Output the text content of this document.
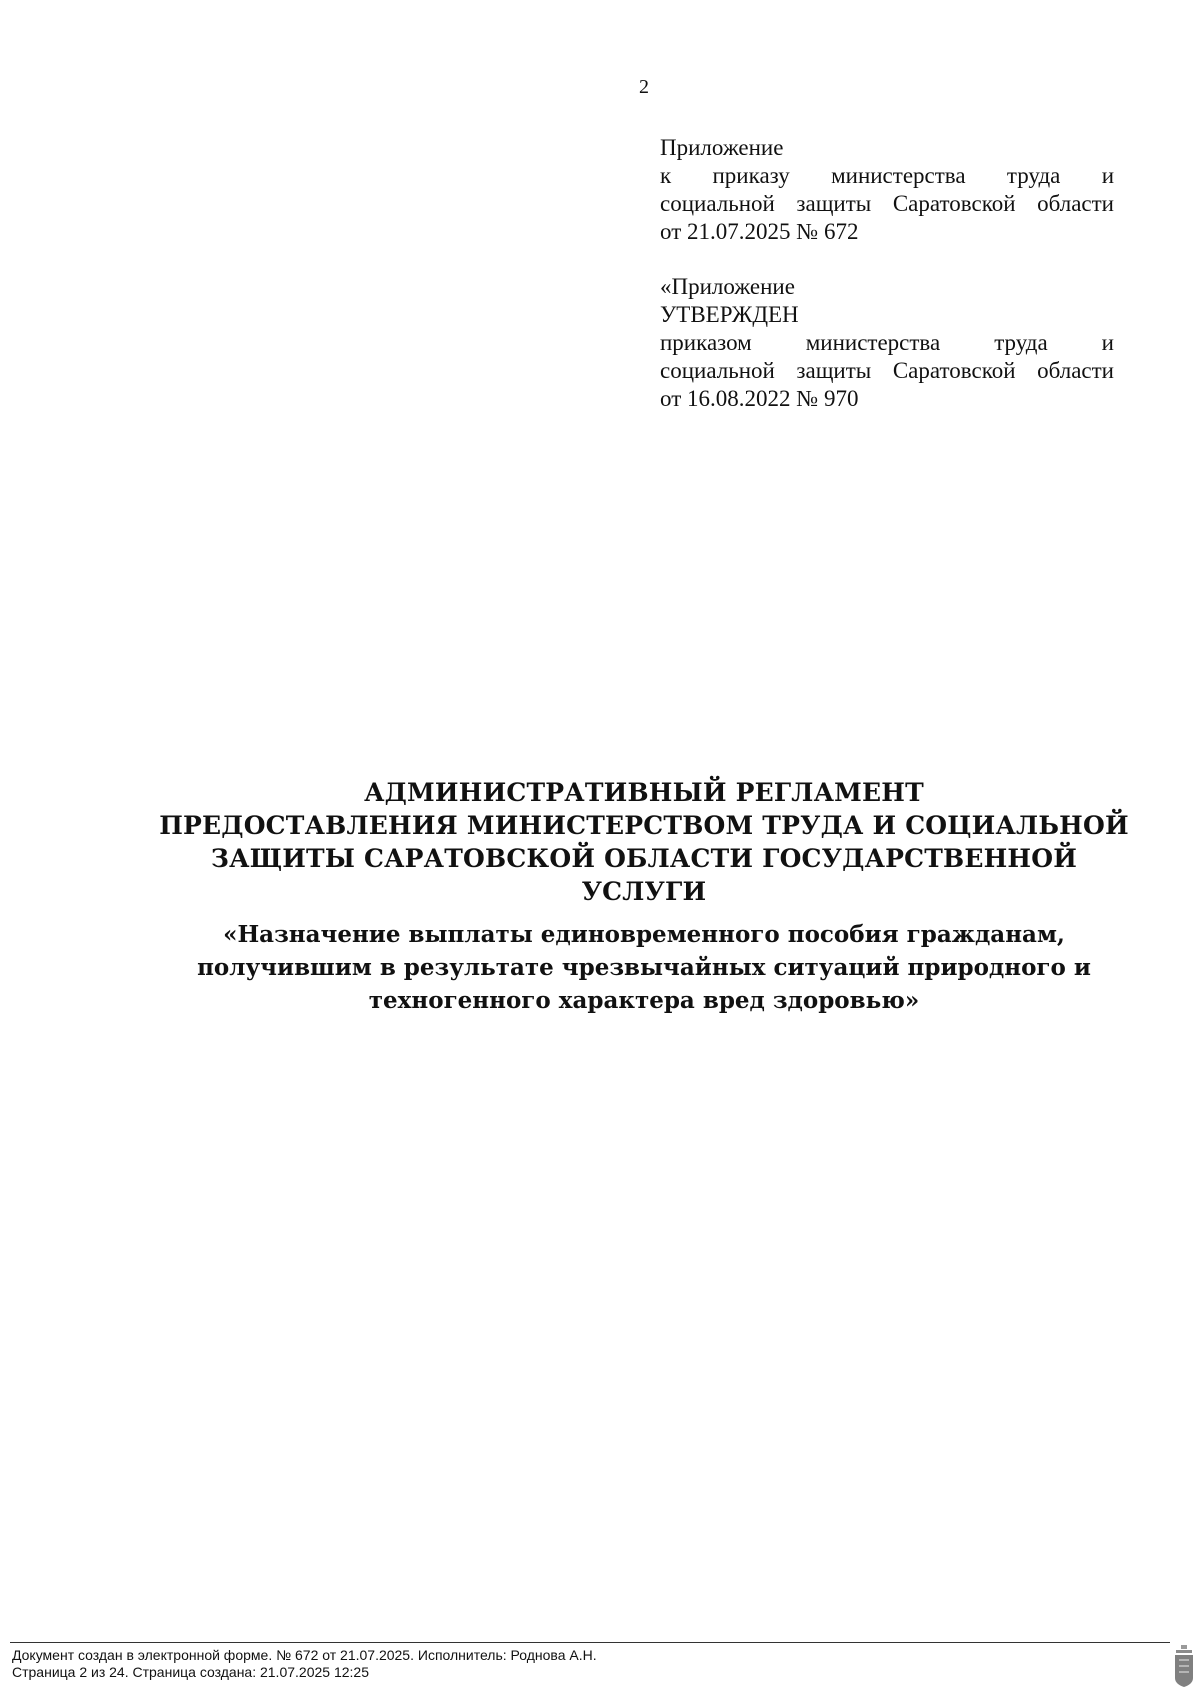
2

Приложение

к приказу министерства труда и

социальной защиты Саратовской области

от 21.07.2025 № 672

«Приложение

УТВЕРЖДЕН

приказом министерства труда и

социальной защиты Саратовской области

от 16.08.2022 № 970

АДМИНИСТРАТИВНЫЙ РЕГЛАМЕНТ

ПРЕДОСТАВЛЕНИЯ МИНИСТЕРСТВОМ ТРУДА И СОЦИАЛЬНОЙ

ЗАЩИТЫ САРАТОВСКОЙ ОБЛАСТИ ГОСУДАРСТВЕННОЙ

УСЛУГИ

«Назначение выплаты единовременного пособия гражданам,

получившим в результате чрезвычайных ситуаций природного и

техногенного характера вред здоровью»

Документ создан в электронной форме. № 672 от 21.07.2025. Исполнитель: Роднова А.Н.

Страница 2 из 24. Страница создана: 21.07.2025 12:25
